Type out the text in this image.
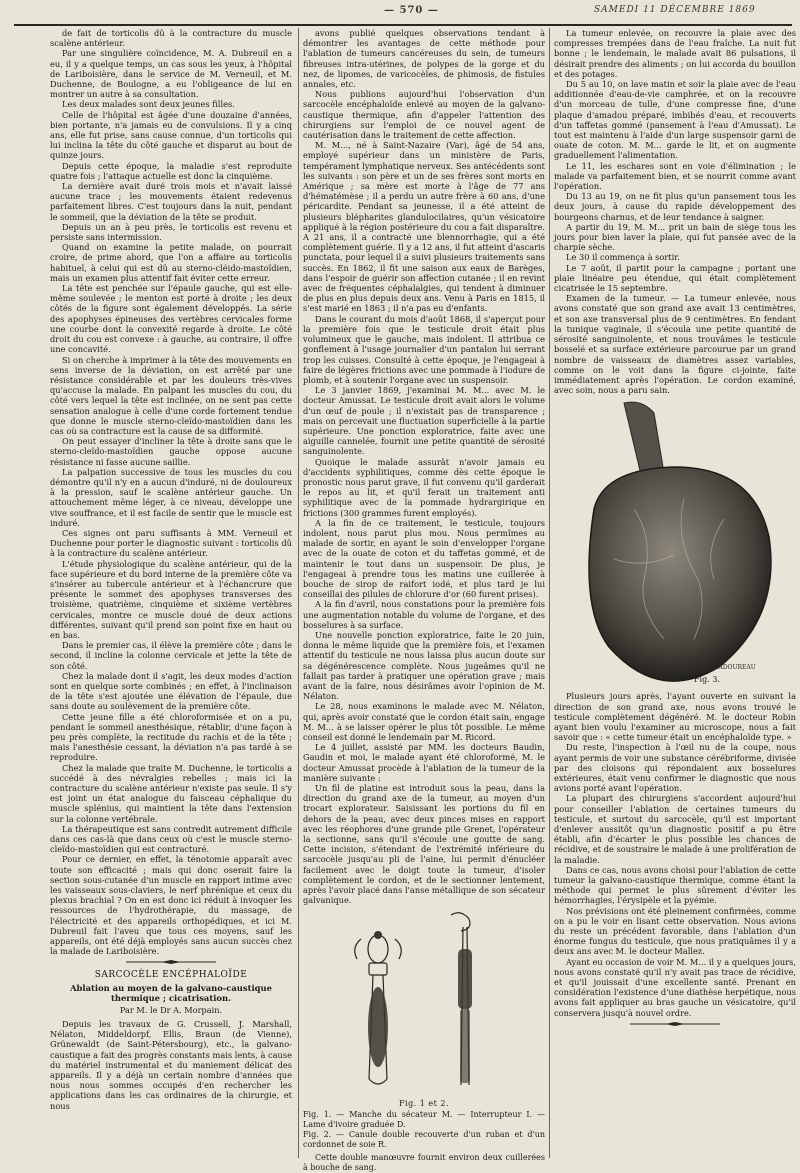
— 570 —	SAMEDI 11 DÉCEMBRE 1869

de fait de torticolis dû à la contracture du muscle scalène antérieur.

Par une singulière coïncidence, M. A. Dubreuil en a eu, il y a quelque temps, un cas sous les yeux, à l'hôpital de Lariboisière, dans le service de M. Verneuil, et M. Duchenne, de Boulogne, a eu l'obligeance de lui en montrer un autre à sa consultation.

Les deux malades sont deux jeunes filles.

Celle de l'hôpital est âgée d'une douzaine d'années, bien portante, n'a jamais eu de convulsions. Il y a cinq ans, elle fut prise, sans cause connue, d'un torticolis qui lui inclina la tête du côté gauche et disparut au bout de quinze jours.

Depuis cette époque, la maladie s'est reproduite quatre fois ; l'attaque actuelle est donc la cinquième.

La dernière avait duré trois mois et n'avait laissé aucune trace ; les mouvements étaient redevenus parfaitement libres. C'est toujours dans la nuit, pendant le sommeil, que la déviation de la tête se produit.

Depuis un an à peu près, le torticolis est revenu et persiste sans intermission.

Quand on examine la petite malade, on pourrait croire, de prime abord, que l'on a affaire au torticolis habituel, à celui qui est dû au sterno-cléido-mastoïdien, mais un examen plus attentif fait éviter cette erreur.

La tête est penchée sur l'épaule gauche, qui est elle-même soulevée ; le menton est porté à droite ; les deux côtés de la figure sont également développés. La série des apophyses épineuses des vertèbres cervicales forme une courbe dont la convexité regarde à droite. Le côté droit du cou est convexe : à gauche, au contraire, il offre une concavité.

Si on cherche à imprimer à la tête des mouvements en sens inverse de la déviation, on est arrêté par une résistance considérable et par les douleurs très-vives qu'accuse la malade. En palpant les muscles du cou, du côté vers lequel la tête est inclinée, on ne sent pas cette sensation analogue à celle d'une corde fortement tendue que donne le muscle sterno-cleïdo-mastoïdien dans les cas où sa contracture est la cause de sa difformité.

On peut essayer d'incliner la tête à droite sans que le sterno-cleïdo-mastoïdien gauche oppose aucune résistance ni fasse aucune saillie.

La palpation successive de tous les muscles du cou démontre qu'il n'y en a aucun d'induré, ni de douloureux à la pression, sauf le scalène antérieur gauche. Un attouchement même léger, à ce niveau, développe une vive souffrance, et il est facile de sentir que le muscle est induré.

Ces signes ont paru suffisants à MM. Verneuil et Duchenne pour porter le diagnostic suivant : torticolis dû à la contracture du scalène antérieur.

L'étude physiologique du scalène antérieur, qui de la face supérieure et du bord interne de la première côte va s'insérer au tubercule antérieur et à l'échancrure que présente le sommet des apophyses transverses des troisième, quatrième, cinquième et sixième vertèbres cervicales, montre ce muscle doué de deux actions différentes, suivant qu'il prend son point fixe en haut ou en bas.

Dans le premier cas, il élève la première côte ; dans le second, il incline la colonne cervicale et jette la tête de son côté.

Chez la malade dont il s'agit, les deux modes d'action sont en quelque sorte combinés ; en effet, à l'inclinaison de la tête s'est ajoutée une élévation de l'épaule, due sans doute au soulèvement de la première côte.

Cette jeune fille a été chloroformisée et on a pu, pendant le sommeil anesthésique, rétablir, d'une façon à peu près complète, la rectitude du rachis et de la tête ; mais l'anesthésie cessant, la déviation n'a pas tardé à se reproduire.

Chez la malade que traite M. Duchenne, le torticolis a succédé à des névralgies rebelles ; mais ici la contracture du scalène antérieur n'existe pas seule. Il s'y est joint un état analogue du faisceau céphalique du muscle splénius, qui maintient la tête dans l'extension sur la colonne vertébrale.

La thérapeutique est sans contredit autrement difficile dans ces cas-là que dans ceux où c'est le muscle sterno-cleïdo-mastoïdien qui est contracturé.

Pour ce dernier, en effet, la ténotomie apparaît avec toute son efficacité ; mais qui donc oserait faire la section sous-cutanée d'un muscle en rapport intime avec les vaisseaux sous-claviers, le nerf phrénique et ceux du plexus brachial ? On en est donc ici réduit à invoquer les ressources de l'hydrothérapie, du massage, de l'électricité et des appareils orthopédiques, et ici M. Dubreuil fait l'aveu que tous ces moyens, sauf les appareils, ont été déjà employés sans aucun succès chez la malade de Lariboisière.

SARCOCÈLE ENCÉPHALOÏDE
Ablation au moyen de la galvano-caustique thermique ; cicatrisation.
Par M. le Dr A. Morpain.

Depuis les travaux de G. Crussell, J. Marshall, Nélaton, Middeldorpf, Ellis, Braun (de Vienne), Grünewaldt (de Saint-Pétersbourg), etc., la galvano-caustique a fait des progrès constants mais lents, à cause du matériel instrumental et du maniement délicat des appareils. Il y a déjà un certain nombre d'années que nous nous sommes occupés d'en rechercher les applications dans les cas ordinaires de la chirurgie, et nous

avons publié quelques observations tendant à démontrer les avantages de cette méthode pour l'ablation de tumeurs cancéreuses du sein, de tumeurs fibreuses intra-utérines, de polypes de la gorge et du nez, de lipomes, de varicocèles, de phimosis, de fistules annales, etc.

Nous publions aujourd'hui l'observation d'un sarcocèle encéphaloïde enlevé au moyen de la galvano-caustique thermique, afin d'appeler l'attention des chirurgiens sur l'emploi de ce nouvel agent de cautérisation dans le traitement de cette affection.

M. M..., né à Saint-Nazaire (Var), âgé de 54 ans, employé supérieur dans un ministère de Paris, tempérament lymphatique nerveux. Ses antécédents sont les suivants : son père et un de ses frères sont morts en Amérique ; sa mère est morte à l'âge de 77 ans d'hématémèse ; il a perdu un autre frère à 60 ans, d'une péricardite. Pendant sa jeunesse, il a été atteint de plusieurs blépharites glandulocilaires, qu'un vésicatoire appliqué à la région postérieure du cou a fait disparaître. A 21 ans, il a contracté une blennorrhagie, qui a été complètement guérie. Il y a 12 ans, il fut atteint d'ascaris punctata, pour lequel il a suivi plusieurs traitements sans succès. En 1862, il fit une saison aux eaux de Barèges, dans l'espoir de guérir son affection cutanée ; il en revint avec de fréquentes céphalalgies, qui tendent à diminuer de plus en plus depuis deux ans. Venu à Paris en 1815, il s'est marié en 1863 ; il n'a pas eu d'enfants.

Dans le courant du mois d'août 1868, il s'aperçut pour la première fois que le testicule droit était plus volumineux que le gauche, mais indolent. Il attribua ce gonflement à l'usage journalier d'un pantalon lui serrant trop les cuisses. Consulté à cette époque, je l'engageai à faire de légères frictions avec une pommade à l'iodure de plomb, et à soutenir l'organe avec un suspensoir.

Le 3 janvier 1869, j'examinai M. M... avec M. le docteur Amussat. Le testicule droit avait alors le volume d'un œuf de poule ; il n'existait pas de transparence ; mais on percevait une fluctuation superficielle à la partie supérieure. Une ponction exploratrice, faite avec une aiguille cannelée, fournit une petite quantité de sérosité sanguinolente.

Quoique le malade assurât n'avoir jamais eu d'accidents syphilitiques, comme dès cette époque le pronostic nous parut grave, il fut convenu qu'il garderait le repos au lit, et qu'il ferait un traitement anti syphilitique avec de la pommade hydrargirique en frictions (300 grammes furent employés).

A la fin de ce traitement, le testicule, toujours indolent, nous parut plus mou. Nous permîmes au malade de sortir, en ayant le soin d'envelopper l'organe avec de la ouate de coton et du taffetas gommé, et de maintenir le tout dans un suspensoir. De plus, je l'engageai à prendre tous les matins une cuillerée à bouche de sirop de raifort iodé, et plus tard je lui conseillai des pilules de chlorure d'or (60 furent prises).

A la fin d'avril, nous constations pour la première fois une augmentation notable du volume de l'organe, et des bosselures à sa surface.

Une nouvelle ponction exploratrice, faite le 20 juin, donna le même liquide que la première fois, et l'examen attentif du testicule ne nous laissa plus aucun doute sur sa dégénérescence complète. Nous jugeâmes qu'il ne fallait pas tarder à pratiquer une opération grave ; mais avant de la faire, nous désirâmes avoir l'opinion de M. Nélaton.

Le 28, nous examinons le malade avec M. Nélaton, qui, après avoir constaté que le cordon était sain, engage M. M... à se laisser opérer le plus tôt possible. Le même conseil est donné le lendemain par M. Ricord.

Le 4 juillet, assisté par MM. les docteurs Baudin, Gaudin et moi, le malade ayant été chloroformé, M. le docteur Amussat procède à l'ablation de la tumeur de la manière suivante :

Un fil de platine est introduit sous la peau, dans la direction du grand axe de la tumeur, au moyen d'un trocart explorateur. Saisissant les portions du fil en dehors de la peau, avec deux pinces mises en rapport avec les réophores d'une grande pile Grenet, l'opérateur la sectionne, sans qu'il s'écoule une goutte de sang. Cette incision, s'étendant de l'extrémité inférieure du sarcocèle jusqu'au pli de l'aine, lui permit d'énucléer facilement avec le doigt toute la tumeur, d'isoler complètement le cordon, et de le sectionner lentement, après l'avoir placé dans l'anse métallique de son sécateur galvanique.

Fig. 1 et 2.
Fig. 1. — Manche du sécateur M. — Interrupteur I. — Lame d'ivoire graduée D.
Fig. 2. — Canule double recouverte d'un ruban et d'un cordonnet de soie R.
Cette double manœuvre fournit environ deux cuillerées à bouche de sang.

La tumeur enlevée, on recouvre la plaie avec des compresses trempées dans de l'eau fraîche. La nuit fut bonne ; le lendemain, le malade avait 86 pulsations, il désirait prendre des aliments ; on lui accorda du bouillon et des potages.

Du 5 au 10, on lave matin et soir la plaie avec de l'eau additionnée d'eau-de-vie camphrée, et on la recouvre d'un morceau de tulle, d'une compresse fine, d'une plaque d'amadou préparé, imbibés d'eau, et recouverts d'un taffetas gommé (pansement à l'eau d'Amussat). Le tout est maintenu à l'aide d'un large suspensoir garni de ouate de coton. M. M... garde le lit, et on augmente graduellement l'alimentation.

Le 11, les eschares sont en voie d'élimination ; le malade va parfaitement bien, et se nourrit comme avant l'opération.

Du 13 au 19, on ne fit plus qu'un pansement tous les deux jours, à cause du rapide développement des bourgeons charnus, et de leur tendance à saigner.

A partir du 19, M. M... prit un bain de siège tous les jours pour bien laver la plaie, qui fut pansée avec de la charpie sèche.

Le 30 il commença à sortir.

Le 7 août, il partit pour la campagne ; portant une plaie linéaire peu étendue, qui était complètement cicatrisée le 15 septembre.

Examen de la tumeur. — La tumeur enlevée, nous avons constaté que son grand axe avait 13 centimètres, et son axe transversal plus de 9 centimètres. En fendant la tunique vaginale, il s'écoula une petite quantité de sérosité sanguinolente, et nous trouvâmes le testicule bosselé et sa surface extérieure parcourue par un grand nombre de vaisseaux de diamètres assez variables, comme on le voit dans la figure ci-jointe, faite immédiatement après l'opération. Le cordon examiné, avec soin, nous a paru sain.

BADOUREAU
Fig. 3.

Plusieurs jours après, l'ayant ouverte en suivant la direction de son grand axe, nous avons trouvé le testicule complètement dégénéré. M. le docteur Robin ayant bien voulu l'examiner au microscope, nous a fait savoir que : « cette tumeur était un encéphaloïde type. »

Du reste, l'inspection à l'œil nu de la coupe, nous ayant permis de voir une substance cérébriforme, divisée par des cloisons qui répondaient aux bosselures extérieures, était venu confirmer le diagnostic que nous avions porté avant l'opération.

La plupart des chirurgiens s'accordent aujourd'hui pour conseiller l'ablation de certaines tumeurs du testicule, et surtout du sarcocèle, qu'il est important d'enlever aussitôt qu'un diagnostic positif a pu être établi, afin d'écarter le plus possible les chances de récidive, et de soustraire le malade à une prolifération de la maladie.

Dans ce cas, nous avons choisi pour l'ablation de cette tumeur la galvano-caustique thermique, comme étant la méthode qui permet le plus sûrement d'éviter les hémorrhagies, l'érysipèle et la pyémie.

Nos prévisions ont été pleinement confirmées, comme on a pu le voir en lisant cette observation. Nous avions du reste un précédent favorable, dans l'ablation d'un énorme fungus du testicule, que nous pratiquâmes il y a deux ans avec M. le docteur Mallez.

Ayant eu occasion de voir M. M... il y a quelques jours, nous avons constaté qu'il n'y avait pas trace de récidive, et qu'il jouissait d'une excellente santé. Prenant en considération l'existence d'une diathèse herpétique, nous avons fait appliquer au bras gauche un vésicatoire, qu'il conservera jusqu'à nouvel ordre.
